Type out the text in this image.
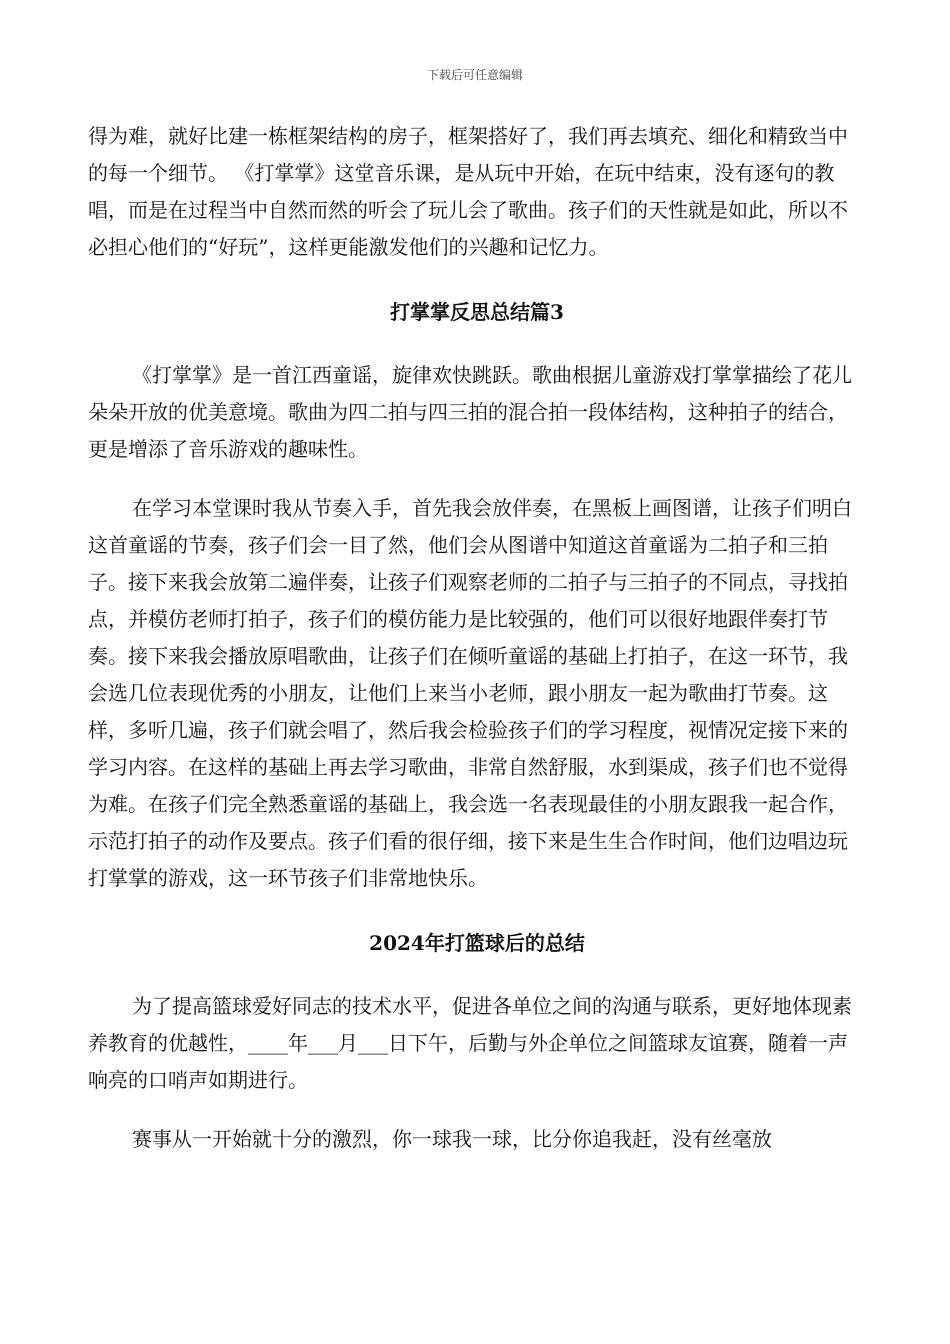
下载后可任意编辑

得为难，就好比建一栋框架结构的房子，框架搭好了，我们再去填充、细化和精致当中的每一个细节。 《打掌掌》这堂音乐课，是从玩中开始，在玩中结束，没有逐句的教唱，而是在过程当中自然而然的听会了玩儿会了歌曲。孩子们的天性就是如此，所以不必担心他们的“好玩”，这样更能激发他们的兴趣和记忆力。

打掌掌反思总结篇3

《打掌掌》是一首江西童谣，旋律欢快跳跃。歌曲根据儿童游戏打掌掌描绘了花儿朵朵开放的优美意境。歌曲为四二拍与四三拍的混合拍一段体结构，这种拍子的结合，更是增添了音乐游戏的趣味性。

在学习本堂课时我从节奏入手，首先我会放伴奏，在黑板上画图谱，让孩子们明白这首童谣的节奏，孩子们会一目了然，他们会从图谱中知道这首童谣为二拍子和三拍子。接下来我会放第二遍伴奏，让孩子们观察老师的二拍子与三拍子的不同点，寻找拍点，并模仿老师打拍子，孩子们的模仿能力是比较强的，他们可以很好地跟伴奏打节奏。接下来我会播放原唱歌曲，让孩子们在倾听童谣的基础上打拍子，在这一环节，我会选几位表现优秀的小朋友，让他们上来当小老师，跟小朋友一起为歌曲打节奏。这样，多听几遍，孩子们就会唱了，然后我会检验孩子们的学习程度，视情况定接下来的学习内容。在这样的基础上再去学习歌曲，非常自然舒服，水到渠成，孩子们也不觉得为难。在孩子们完全熟悉童谣的基础上，我会选一名表现最佳的小朋友跟我一起合作，示范打拍子的动作及要点。孩子们看的很仔细，接下来是生生合作时间，他们边唱边玩打掌掌的游戏，这一环节孩子们非常地快乐。

2024年打篮球后的总结

为了提高篮球爱好同志的技术水平，促进各单位之间的沟通与联系，更好地体现素养教育的优越性，____年___月___日下午，后勤与外企单位之间篮球友谊赛，随着一声响亮的口哨声如期进行。

赛事从一开始就十分的激烈，你一球我一球，比分你追我赶，没有丝毫放
